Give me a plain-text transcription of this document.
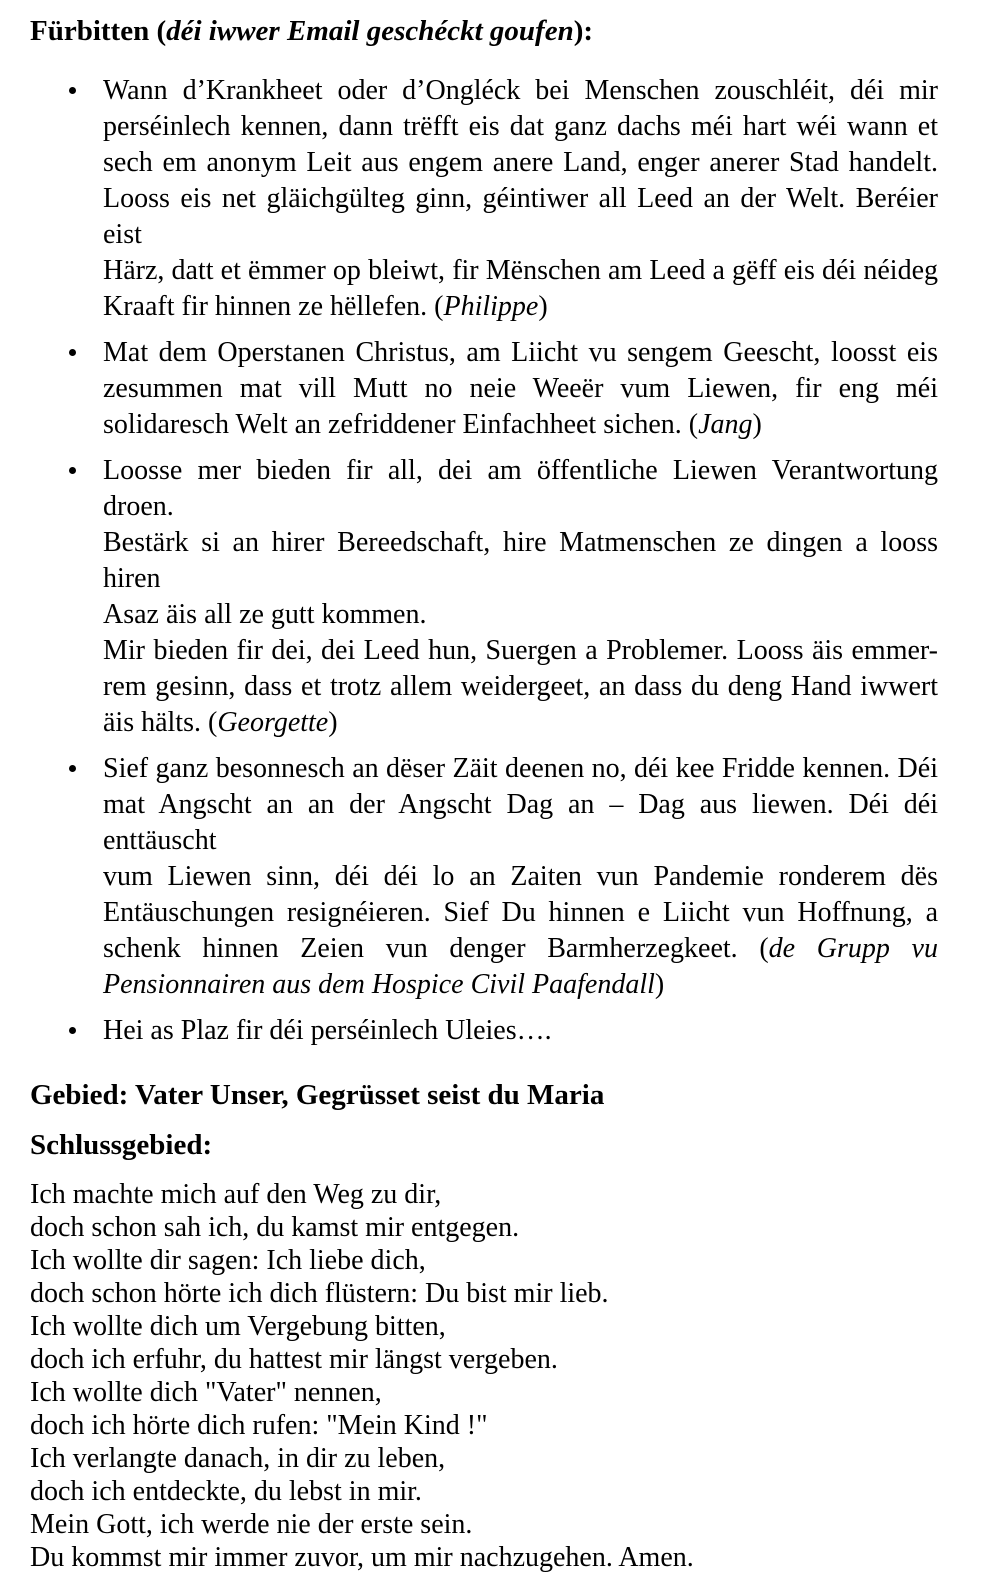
Fürbitten (déi iwwer Email geschéckt goufen):
Wann d’Krankheet oder d’Ongléck bei Menschen zouschléit, déi mir
perséinlech kennen, dann trëfft eis dat ganz dachs méi hart wéi wann et
sech em anonym Leit aus engem anere Land, enger anerer Stad handelt.
Looss eis net gläichgülteg ginn, géintiwer all Leed an der Welt. Beréier eist
Härz, datt et ëmmer op bleiwt, fir Mënschen am Leed a gëff eis déi néideg
Kraaft fir hinnen ze hëllefen. (Philippe)
Mat dem Operstanen Christus, am Liicht vu sengem Geescht, loosst eis
zesummen mat vill Mutt no neie Weeër vum Liewen, fir eng méi
solidaresch Welt an zefriddener Einfachheet sichen. (Jang)
Loosse mer bieden fir all, dei am öffentliche Liewen Verantwortung droen.
Bestärk si an hirer Bereedschaft, hire Matmenschen ze dingen a looss hiren
Asaz äis all ze gutt kommen.
Mir bieden fir dei, dei Leed hun, Suergen a Problemer. Looss äis emmer-
rem gesinn, dass et trotz allem weidergeet, an dass du deng Hand iwwert
äis hälts. (Georgette)
Sief ganz besonnesch an dëser Zäit deenen no, déi kee Fridde kennen. Déi
mat Angscht an an der Angscht Dag an – Dag aus liewen. Déi déi enttäuscht
vum Liewen sinn, déi déi lo an Zaiten vun Pandemie ronderem dës
Entäuschungen resignéieren. Sief Du hinnen e Liicht vun Hoffnung, a
schenk hinnen Zeien vun denger Barmherzegkeet. (de Grupp vu
Pensionnairen aus dem Hospice Civil Paafendall)
Hei as Plaz fir déi perséinlech Uleies….
Gebied: Vater Unser, Gegrüsset seist du Maria
Schlussgebied:
Ich machte mich auf den Weg zu dir,
doch schon sah ich, du kamst mir entgegen.
Ich wollte dir sagen: Ich liebe dich,
doch schon hörte ich dich flüstern: Du bist mir lieb.
Ich wollte dich um Vergebung bitten,
doch ich erfuhr, du hattest mir längst vergeben.
Ich wollte dich "Vater" nennen,
doch ich hörte dich rufen: "Mein Kind !"
Ich verlangte danach, in dir zu leben,
doch ich entdeckte, du lebst in mir.
Mein Gott, ich werde nie der erste sein.
Du kommst mir immer zuvor, um mir nachzugehen. Amen.
